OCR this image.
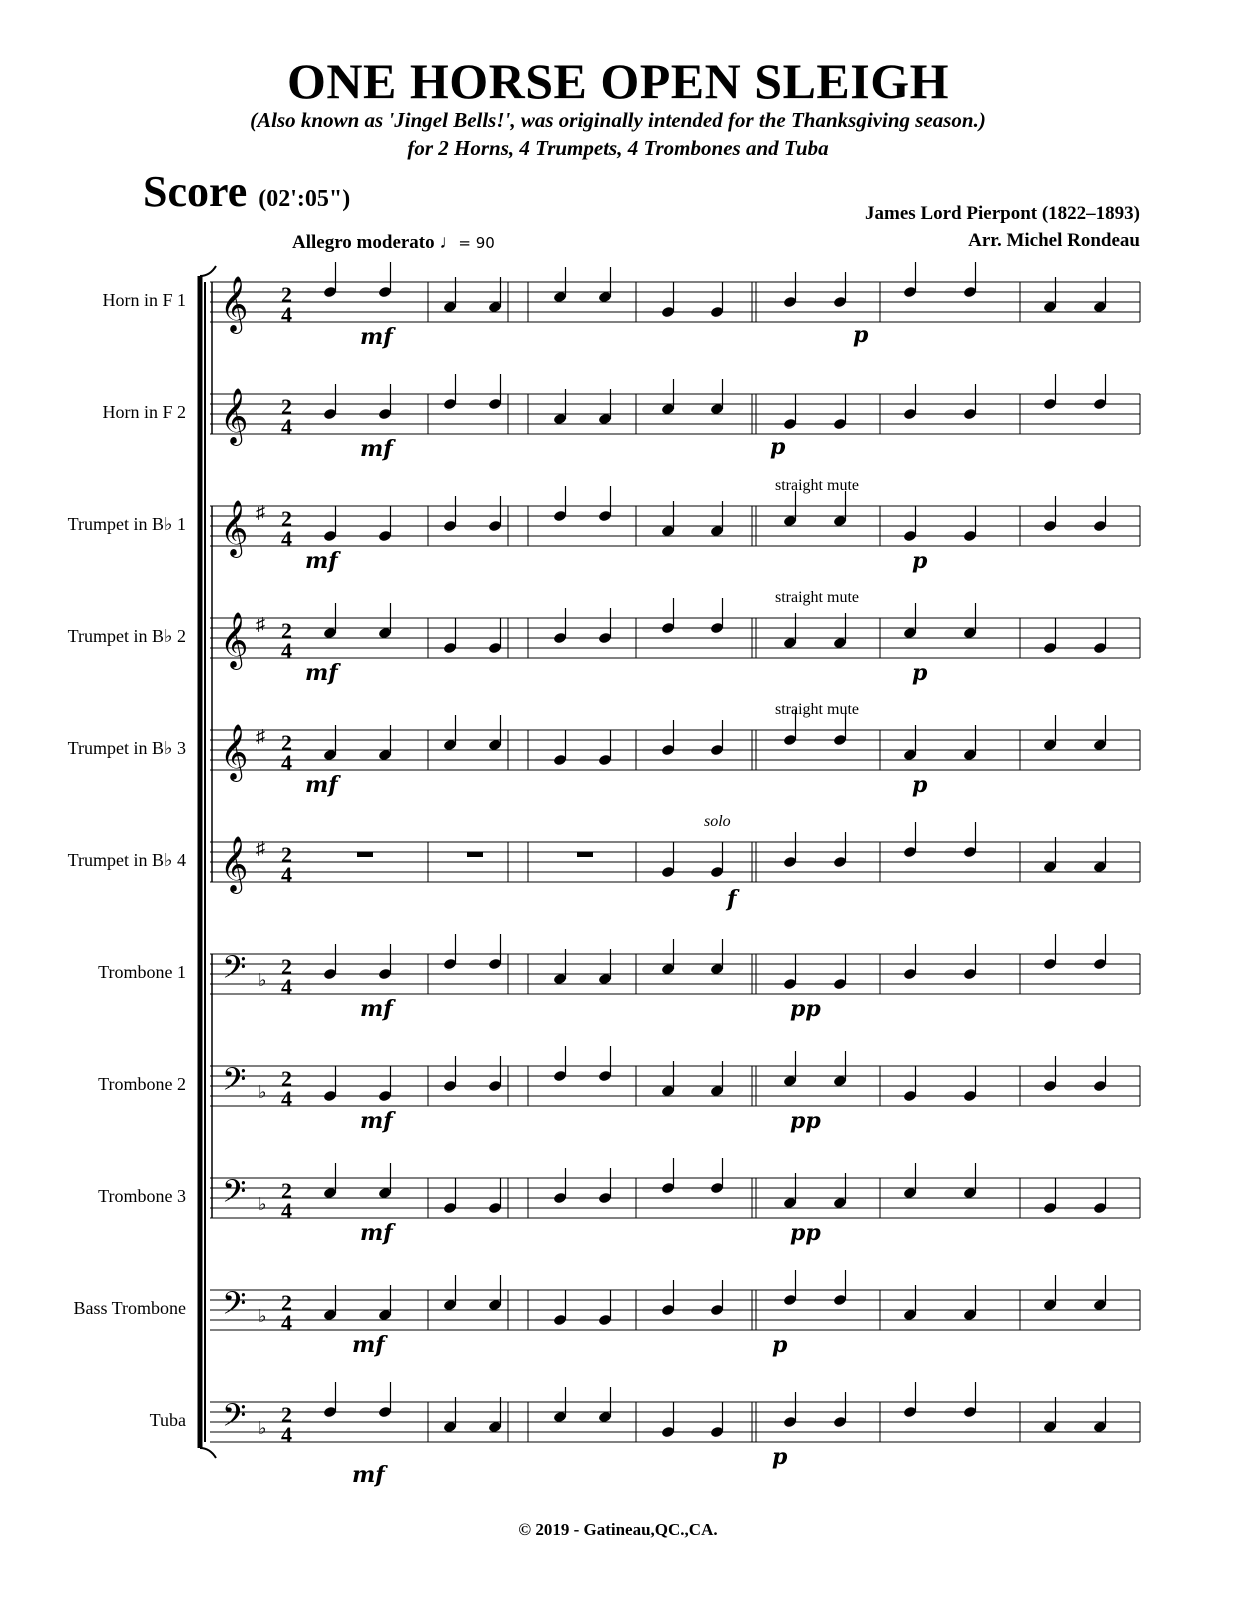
ONE HORSE OPEN SLEIGH
(Also known as 'Jingel Bells!', was originally intended for the Thanksgiving season.)
for 2 Horns, 4 Trumpets, 4 Trombones and Tuba
Score (02':05")
James Lord Pierpont (1822–1893)
Arr. Michel Rondeau
Allegro moderato ♩= 90
Horn in F 1
Horn in F 2
Trumpet in B♭ 1
Trumpet in B♭ 2
Trumpet in B♭ 3
Trumpet in B♭ 4
Trombone 1
Trombone 2
Trombone 3
Bass Trombone
Tuba
𝄞 2
4
𝄞 2
4
𝄞 ♯ 2
4
𝄞 ♯ 2
4
𝄞 ♯ 2
4
𝄞 ♯ 2
4
𝄢 ♭
2
4
𝄢 ♭
2
4
𝄢 ♭
2
4
𝄢 ♭
2
4
𝄢 ♭
2
4
mf
mf
mf
mf
mf
mf
mf
mf
mf
mf
p
p
p
p
p
pp
pp
pp
p
p
f
straight mute
straight mute
straight mute
solo
© 2019 - Gatineau,QC.,CA.
